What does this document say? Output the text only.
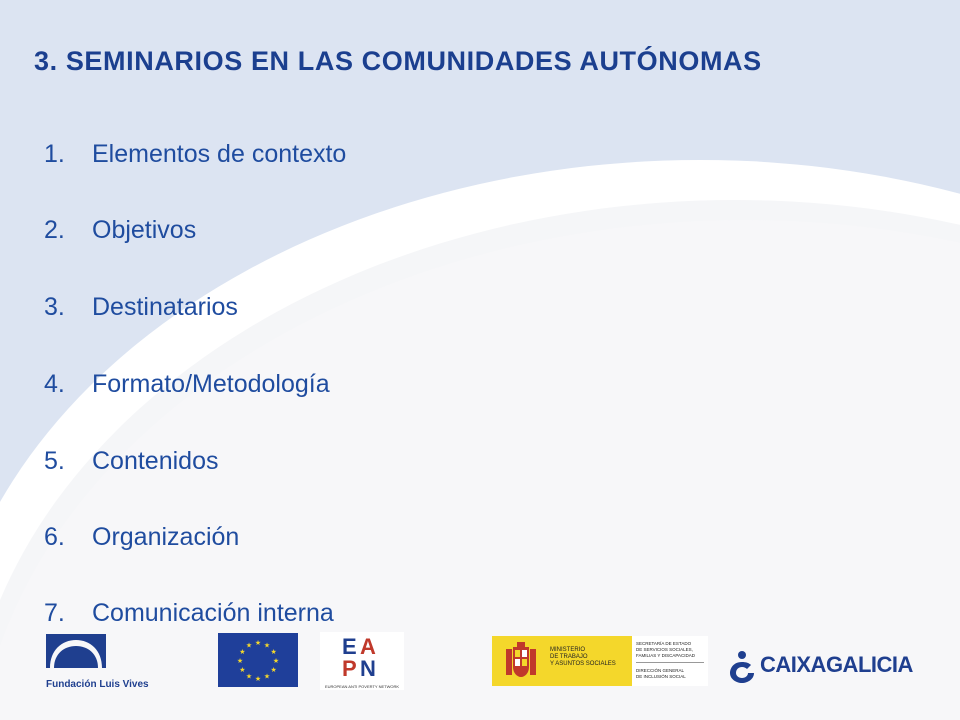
3. SEMINARIOS EN LAS COMUNIDADES AUTÓNOMAS
1. Elementos de contexto
2. Objetivos
3. Destinatarios
4. Formato/Metodología
5. Contenidos
6. Organización
7. Comunicación interna
Fundación Luis Vives
★ ★
★
★
★
★
★
★
★
★
★
★	E A
P N
EUROPEAN ANTI POVERTY NETWORK
MINISTERIO
DE TRABAJO
Y ASUNTOS SOCIALES
SECRETARÍA DE ESTADO
DE SERVICIOS SOCIALES,
FAMILIAS Y DISCAPACIDAD
DIRECCIÓN GENERAL
DE INCLUSIÓN SOCIAL	CAIXAGALICIA
